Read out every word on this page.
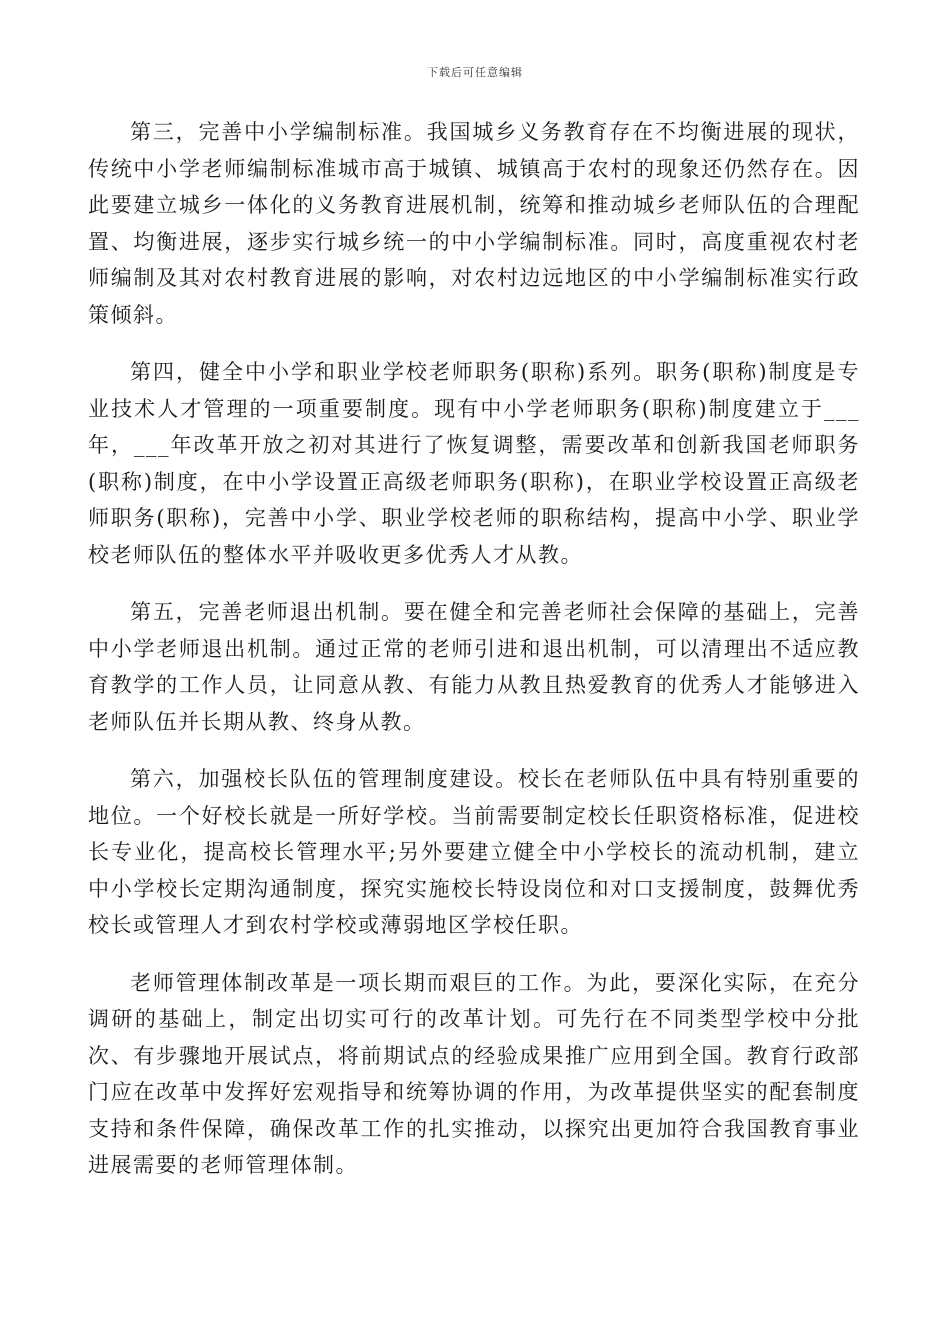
下载后可任意编辑

第三，完善中小学编制标准。我国城乡义务教育存在不均衡进展的现状，传统中小学老师编制标准城市高于城镇、城镇高于农村的现象还仍然存在。因此要建立城乡一体化的义务教育进展机制，统筹和推动城乡老师队伍的合理配置、均衡进展，逐步实行城乡统一的中小学编制标准。同时，高度重视农村老师编制及其对农村教育进展的影响，对农村边远地区的中小学编制标准实行政策倾斜。

第四，健全中小学和职业学校老师职务(职称)系列。职务(职称)制度是专业技术人才管理的一项重要制度。现有中小学老师职务(职称)制度建立于___年，___年改革开放之初对其进行了恢复调整，需要改革和创新我国老师职务(职称)制度，在中小学设置正高级老师职务(职称)，在职业学校设置正高级老师职务(职称)，完善中小学、职业学校老师的职称结构，提高中小学、职业学校老师队伍的整体水平并吸收更多优秀人才从教。

第五，完善老师退出机制。要在健全和完善老师社会保障的基础上，完善中小学老师退出机制。通过正常的老师引进和退出机制，可以清理出不适应教育教学的工作人员，让同意从教、有能力从教且热爱教育的优秀人才能够进入老师队伍并长期从教、终身从教。

第六，加强校长队伍的管理制度建设。校长在老师队伍中具有特别重要的地位。一个好校长就是一所好学校。当前需要制定校长任职资格标准，促进校长专业化，提高校长管理水平;另外要建立健全中小学校长的流动机制，建立中小学校长定期沟通制度，探究实施校长特设岗位和对口支援制度，鼓舞优秀校长或管理人才到农村学校或薄弱地区学校任职。

老师管理体制改革是一项长期而艰巨的工作。为此，要深化实际，在充分调研的基础上，制定出切实可行的改革计划。可先行在不同类型学校中分批次、有步骤地开展试点，将前期试点的经验成果推广应用到全国。教育行政部门应在改革中发挥好宏观指导和统筹协调的作用，为改革提供坚实的配套制度支持和条件保障，确保改革工作的扎实推动，以探究出更加符合我国教育事业进展需要的老师管理体制。
